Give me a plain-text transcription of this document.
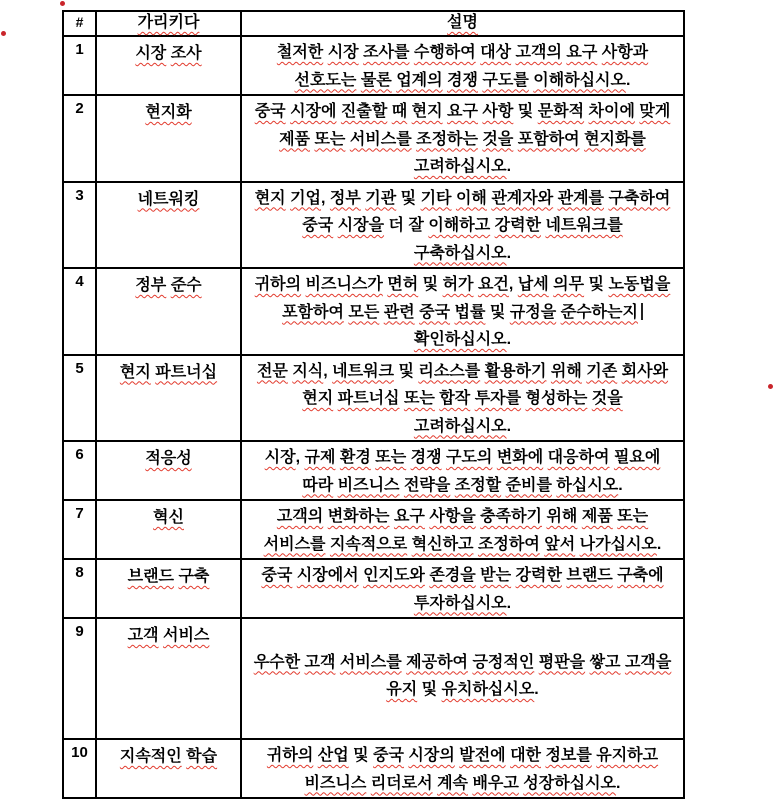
#	가리키다	설명
1	시장 조사	철저한 시장 조사를 수행하여 대상 고객의 요구 사항과
선호도는 물론 업계의 경쟁 구도를 이해하십시오.

2	현지화	중국 시장에 진출할 때 현지 요구 사항 및 문화적 차이에 맞게
제품 또는 서비스를 조정하는 것을 포함하여 현지화를
고려하십시오.

3	네트워킹	현지 기업, 정부 기관 및 기타 이해 관계자와 관계를 구축하여
중국 시장을 더 잘 이해하고 강력한 네트워크를
구축하십시오.

4	정부 준수	귀하의 비즈니스가 면허 및 허가 요건, 납세 의무 및 노동법을
포함하여 모든 관련 중국 법률 및 규정을 준수하는지
확인하십시오.

5	현지 파트너십	전문 지식, 네트워크 및 리소스를 활용하기 위해 기존 회사와
현지 파트너십 또는 합작 투자를 형성하는 것을
고려하십시오.

6	적응성	시장, 규제 환경 또는 경쟁 구도의 변화에 대응하여 필요에
따라 비즈니스 전략을 조정할 준비를 하십시오.

7	혁신	고객의 변화하는 요구 사항을 충족하기 위해 제품 또는
서비스를 지속적으로 혁신하고 조정하여 앞서 나가십시오.

8	브랜드 구축	중국 시장에서 인지도와 존경을 받는 강력한 브랜드 구축에
투자하십시오.

9	고객 서비스	우수한 고객 서비스를 제공하여 긍정적인 평판을 쌓고 고객을
유지 및 유치하십시오.

10	지속적인 학습	귀하의 산업 및 중국 시장의 발전에 대한 정보를 유지하고
비즈니스 리더로서 계속 배우고 성장하십시오.
